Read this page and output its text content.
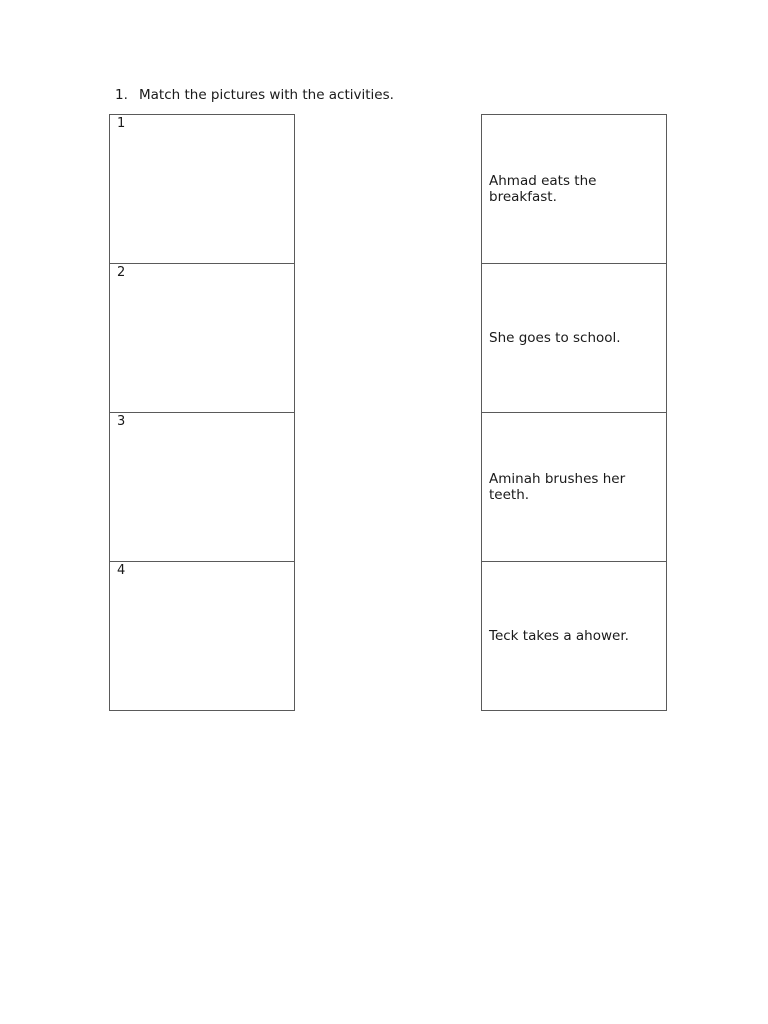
1. Match the pictures with the activities.
1
2
3
4
Ahmad eats the breakfast.
She goes to school.
Aminah brushes her teeth.
Teck takes a ahower.
